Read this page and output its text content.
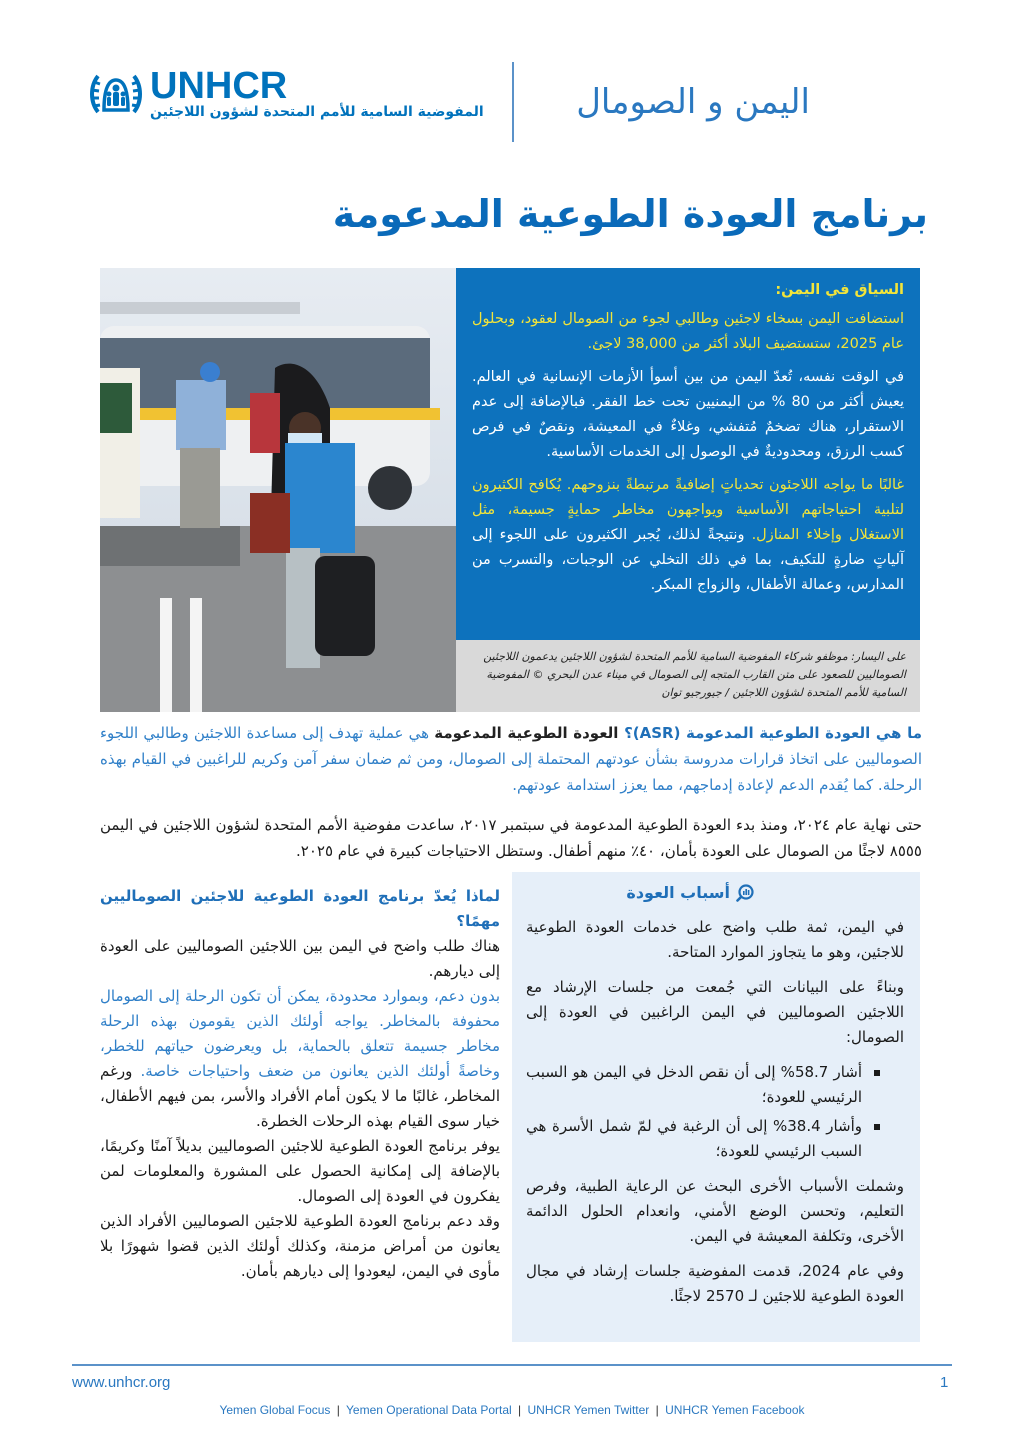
UNHCR
المفوضية السامية للأمم المتحدة لشؤون اللاجئين	اليمن و الصومال
برنامج العودة الطوعية المدعومة

السياق في اليمن:

استضافت اليمن بسخاء لاجئين وطالبي لجوء من الصومال لعقود، وبحلول عام 2025، ستستضيف البلاد أكثر من 38,000 لاجئ.

في الوقت نفسه، تُعدّ اليمن من بين أسوأ الأزمات الإنسانية في العالم. يعيش أكثر من 80 % من اليمنيين تحت خط الفقر. فبالإضافة إلى عدم الاستقرار، هناك تضخمٌ مُتفشي، وغلاءٌ في المعيشة، ونقصٌ في فرص كسب الرزق، ومحدوديةٌ في الوصول إلى الخدمات الأساسية.

غالبًا ما يواجه اللاجئون تحدياتٍ إضافيةً مرتبطةً بنزوحهم. يُكافح الكثيرون لتلبية احتياجاتهم الأساسية ويواجهون مخاطر حمايةٍ جسيمة، مثل الاستغلال وإخلاء المنازل. ونتيجةً لذلك، يُجبر الكثيرون على اللجوء إلى آلياتٍ ضارةٍ للتكيف، بما في ذلك التخلي عن الوجبات، والتسرب من المدارس، وعمالة الأطفال، والزواج المبكر.

على اليسار: موظفو شركاء المفوضية السامية للأمم المتحدة لشؤون اللاجئين يدعمون اللاجئين الصوماليين للصعود على متن القارب المتجه إلى الصومال في ميناء عدن البحري © المفوضية السامية للأمم المتحدة لشؤون اللاجئين / جيورجيو توان
ما هي العودة الطوعية المدعومة (ASR)؟ العودة الطوعية المدعومة هي عملية تهدف إلى مساعدة اللاجئين وطالبي اللجوء الصوماليين على اتخاذ قرارات مدروسة بشأن عودتهم المحتملة إلى الصومال، ومن ثم ضمان سفر آمن وكريم للراغبين في القيام بهذه الرحلة. كما يُقدم الدعم لإعادة إدماجهم، مما يعزز استدامة عودتهم.
حتى نهاية عام ٢٠٢٤، ومنذ بدء العودة الطوعية المدعومة في سبتمبر ٢٠١٧، ساعدت مفوضية الأمم المتحدة لشؤون اللاجئين في اليمن ٨٥٥٥ لاجئًا من الصومال على العودة بأمان، ٤٠٪ منهم أطفال. وستظل الاحتياجات كبيرة في عام ٢٠٢٥.

لماذا يُعدّ برنامج العودة الطوعية للاجئين الصوماليين مهمًا؟

هناك طلب واضح في اليمن بين اللاجئين الصوماليين على العودة إلى ديارهم.

بدون دعم، وبموارد محدودة، يمكن أن تكون الرحلة إلى الصومال محفوفة بالمخاطر. يواجه أولئك الذين يقومون بهذه الرحلة مخاطر جسيمة تتعلق بالحماية، بل ويعرضون حياتهم للخطر، وخاصةً أولئك الذين يعانون من ضعف واحتياجات خاصة. ورغم المخاطر، غالبًا ما لا يكون أمام الأفراد والأسر، بمن فيهم الأطفال، خيار سوى القيام بهذه الرحلات الخطرة.

يوفر برنامج العودة الطوعية للاجئين الصوماليين بديلاً آمنًا وكريمًا، بالإضافة إلى إمكانية الحصول على المشورة والمعلومات لمن يفكرون في العودة إلى الصومال.

وقد دعم برنامج العودة الطوعية للاجئين الصوماليين الأفراد الذين يعانون من أمراض مزمنة، وكذلك أولئك الذين قضوا شهورًا بلا مأوى في اليمن، ليعودوا إلى ديارهم بأمان.

أسباب العودة

في اليمن، ثمة طلب واضح على خدمات العودة الطوعية للاجئين، وهو ما يتجاوز الموارد المتاحة.

وبناءً على البيانات التي جُمعت من جلسات الإرشاد مع اللاجئين الصوماليين في اليمن الراغبين في العودة إلى الصومال:

أشار 58.7% إلى أن نقص الدخل في اليمن هو السبب الرئيسي للعودة؛
وأشار 38.4% إلى أن الرغبة في لمّ شمل الأسرة هي السبب الرئيسي للعودة؛

وشملت الأسباب الأخرى البحث عن الرعاية الطبية، وفرص التعليم، وتحسن الوضع الأمني، وانعدام الحلول الدائمة الأخرى، وتكلفة المعيشة في اليمن.

وفي عام 2024، قدمت المفوضية جلسات إرشاد في مجال العودة الطوعية للاجئين لـ 2570 لاجئًا.

www.unhcr.org	1
Yemen Global Focus | Yemen Operational Data Portal | UNHCR Yemen Twitter | UNHCR Yemen Facebook
